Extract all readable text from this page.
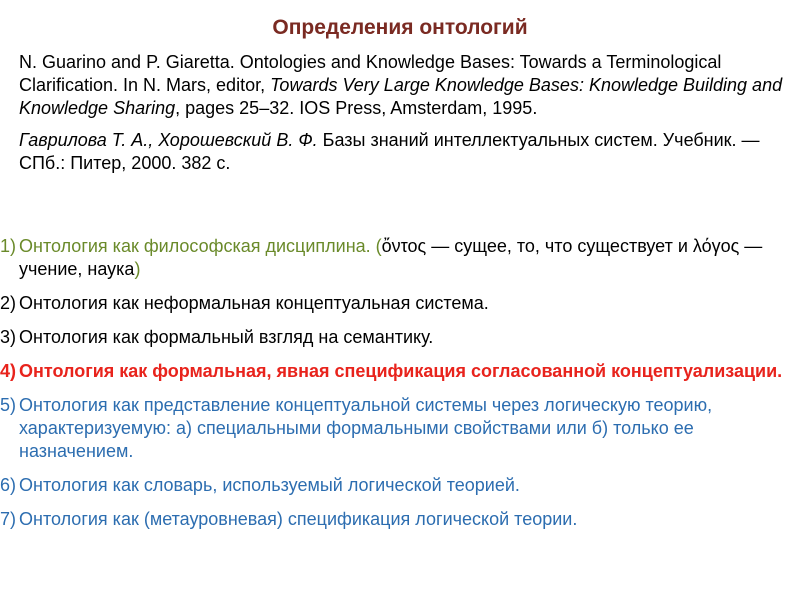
Определения онтологий

N. Guarino and P. Giaretta. Ontologies and Knowledge Bases: Towards a Terminological Clarification. In N. Mars, editor, Towards Very Large Knowledge Bases: Knowledge Building and Knowledge Sharing, pages 25–32. IOS Press, Amsterdam, 1995.

Гаврилова Т. А., Хорошевский В. Ф. Базы знаний интеллектуальных систем. Учебник. — СПб.: Питер, 2000. 382 с.

1) Онтология как философская дисциплина. (ὄντος — сущее, то, что существует и λόγος — учение, наука)
2) Онтология как неформальная концептуальная система.
3) Онтология как формальный взгляд на семантику.
4) Онтология как формальная, явная спецификация согласованной концептуализации.
5) Онтология как представление концептуальной системы через логическую теорию, характеризуемую: а) специальными формальными свойствами или б) только ее назначением.
6) Онтология как словарь, используемый логической теорией.
7) Онтология как (метауровневая) спецификация логической теории.
